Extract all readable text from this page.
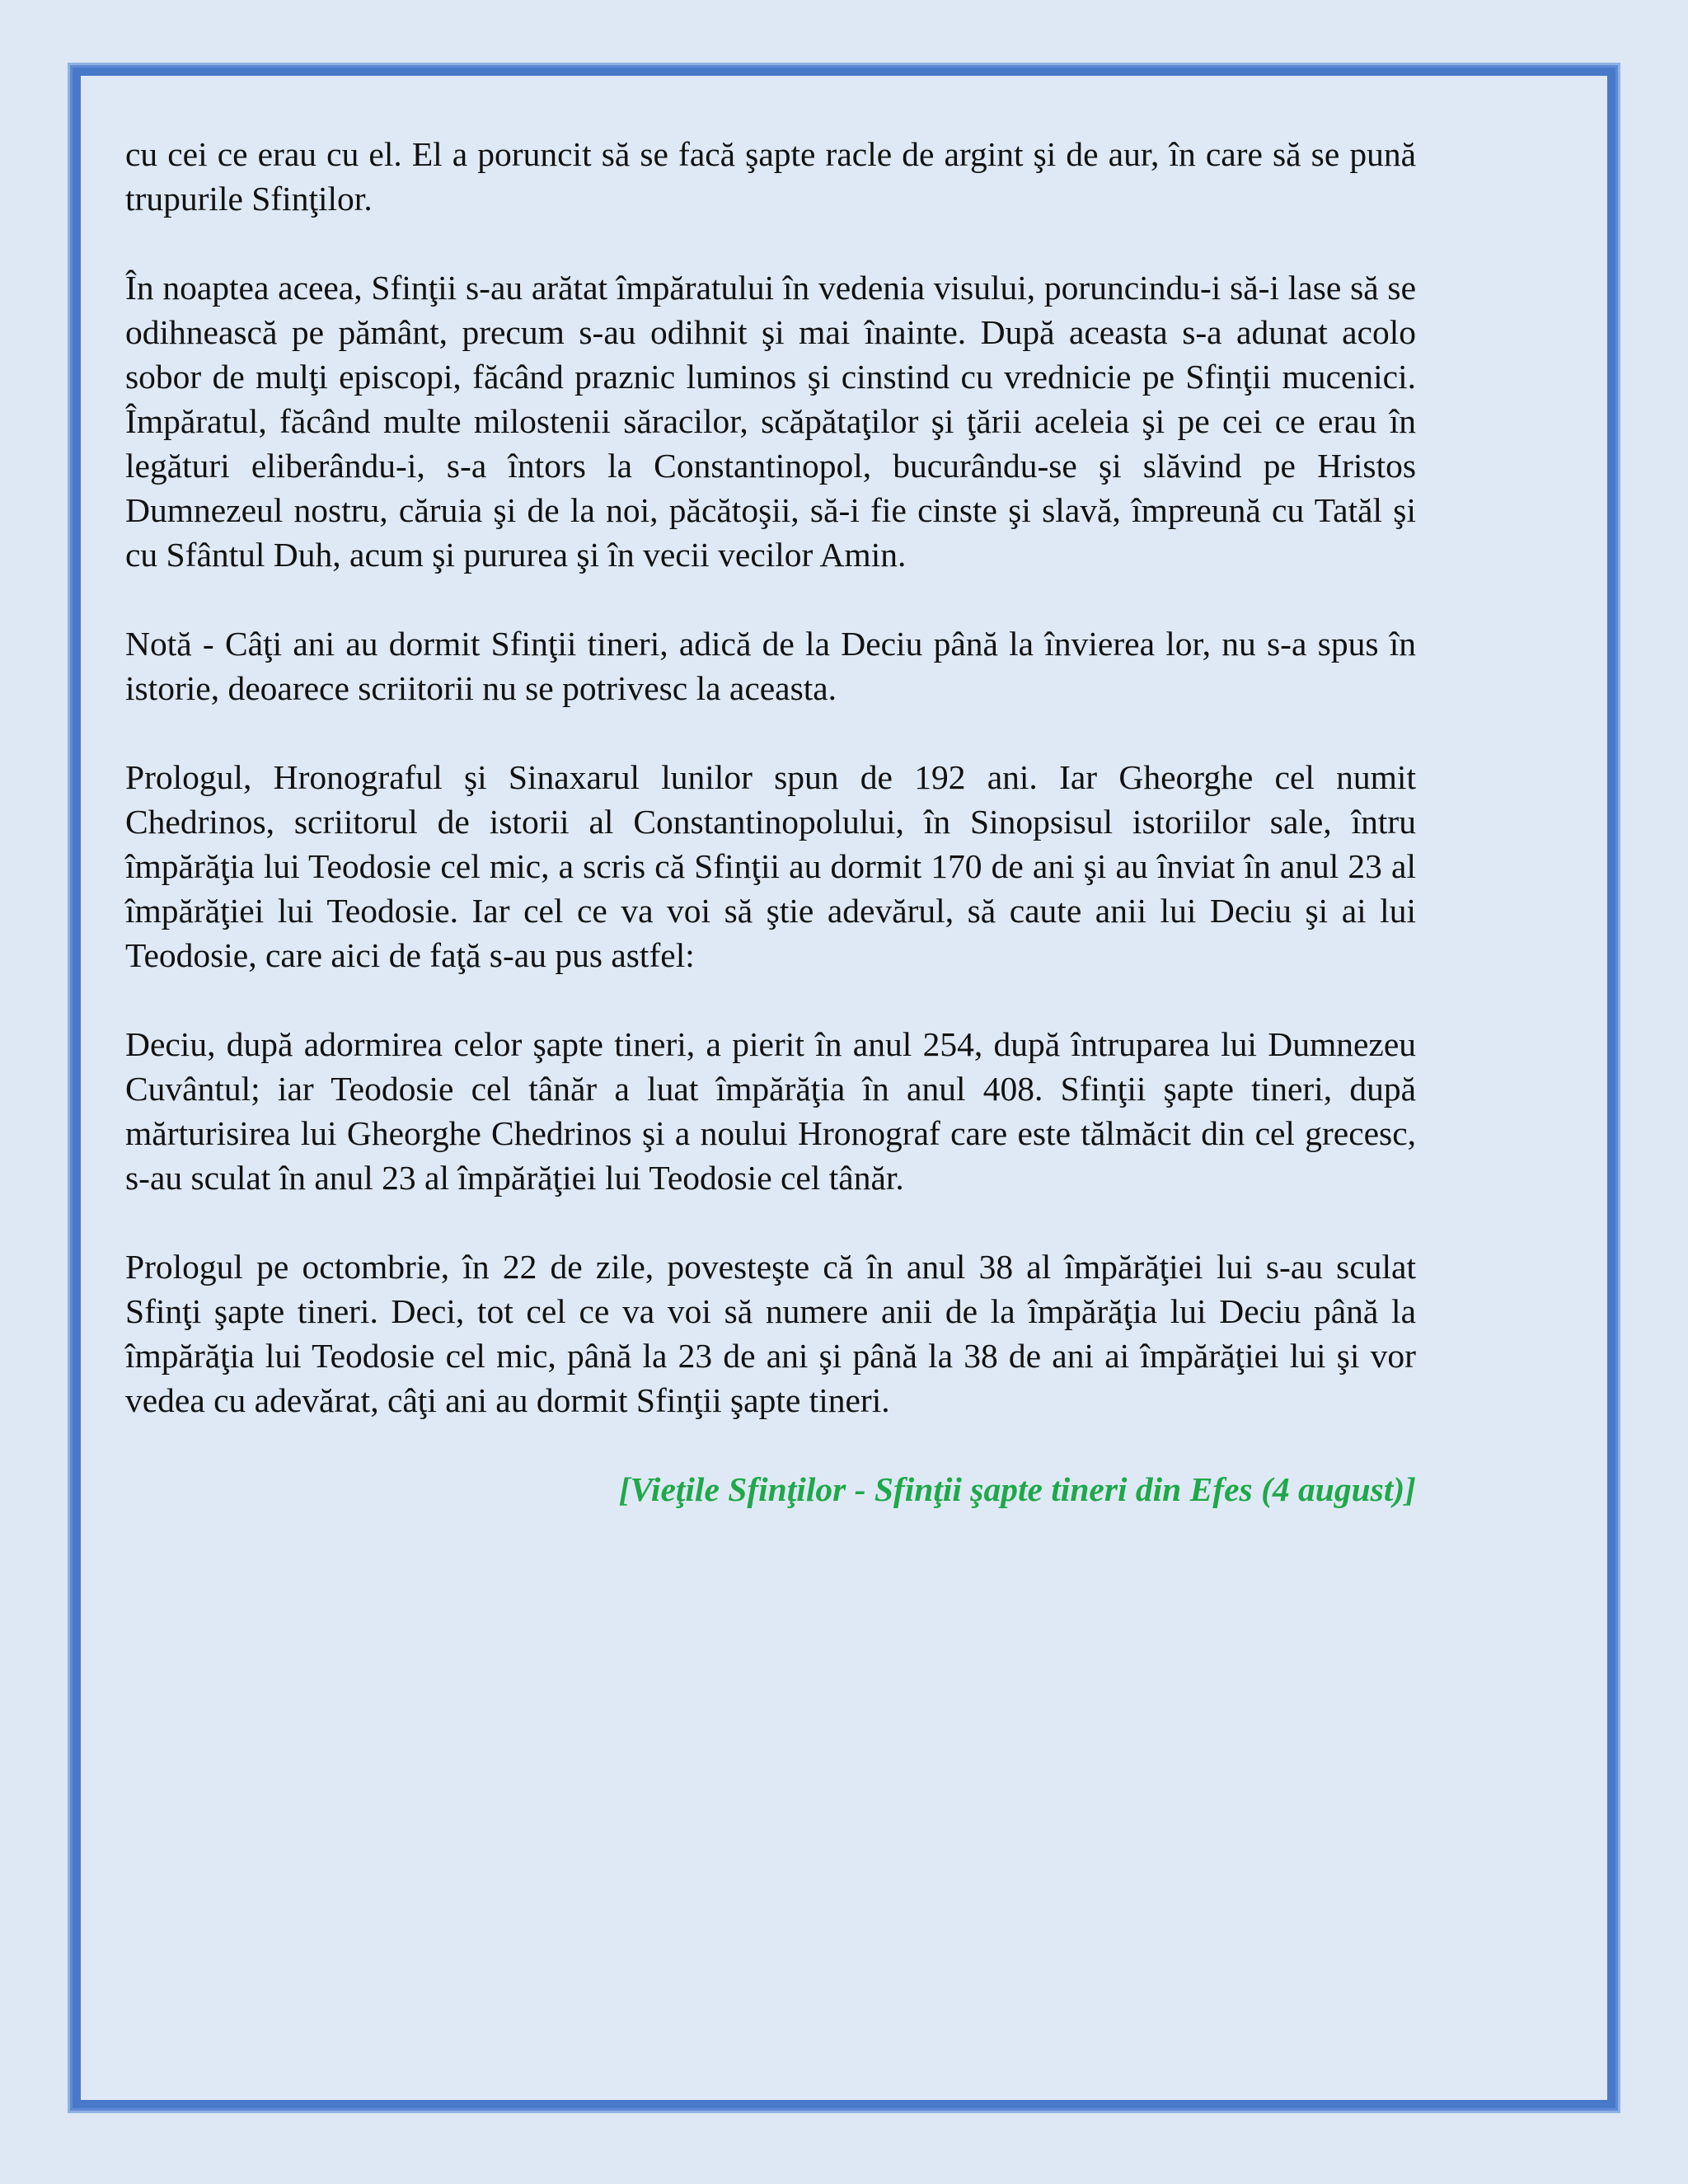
cu cei ce erau cu el. El a poruncit să se facă şapte racle de argint şi de aur, în care să se pună trupurile Sfinţilor.

În noaptea aceea, Sfinţii s-au arătat împăratului în vedenia visului, poruncindu-i să-i lase să se odihnească pe pământ, precum s-au odihnit şi mai înainte. După aceasta s-a adunat acolo sobor de mulţi episcopi, făcând praznic luminos şi cinstind cu vrednicie pe Sfinţii mucenici. Împăratul, făcând multe milostenii săracilor, scăpătaţilor şi ţării aceleia şi pe cei ce erau în legături eliberându-i, s-a întors la Constantinopol, bucurându-se şi slăvind pe Hristos Dumnezeul nostru, căruia şi de la noi, păcătoşii, să-i fie cinste şi slavă, împreună cu Tatăl şi cu Sfântul Duh, acum şi pururea şi în vecii vecilor Amin.

Notă - Câţi ani au dormit Sfinţii tineri, adică de la Deciu până la învierea lor, nu s-a spus în istorie, deoarece scriitorii nu se potrivesc la aceasta.

Prologul, Hronograful şi Sinaxarul lunilor spun de 192 ani. Iar Gheorghe cel numit Chedrinos, scriitorul de istorii al Constantinopolului, în Sinopsisul istoriilor sale, întru împărăţia lui Teodosie cel mic, a scris că Sfinţii au dormit 170 de ani şi au înviat în anul 23 al împărăţiei lui Teodosie. Iar cel ce va voi să ştie adevărul, să caute anii lui Deciu şi ai lui Teodosie, care aici de faţă s-au pus astfel:

Deciu, după adormirea celor şapte tineri, a pierit în anul 254, după întruparea lui Dumnezeu Cuvântul; iar Teodosie cel tânăr a luat împărăţia în anul 408. Sfinţii şapte tineri, după mărturisirea lui Gheorghe Chedrinos şi a noului Hronograf care este tălmăcit din cel grecesc, s-au sculat în anul 23 al împărăţiei lui Teodosie cel tânăr.

Prologul pe octombrie, în 22 de zile, povesteşte că în anul 38 al împărăţiei lui s-au sculat Sfinţi şapte tineri. Deci, tot cel ce va voi să numere anii de la împărăţia lui Deciu până la împărăţia lui Teodosie cel mic, până la 23 de ani şi până la 38 de ani ai împărăţiei lui şi vor vedea cu adevărat, câţi ani au dormit Sfinţii şapte tineri.

[Vieţile Sfinţilor - Sfinţii şapte tineri din Efes (4 august)]
